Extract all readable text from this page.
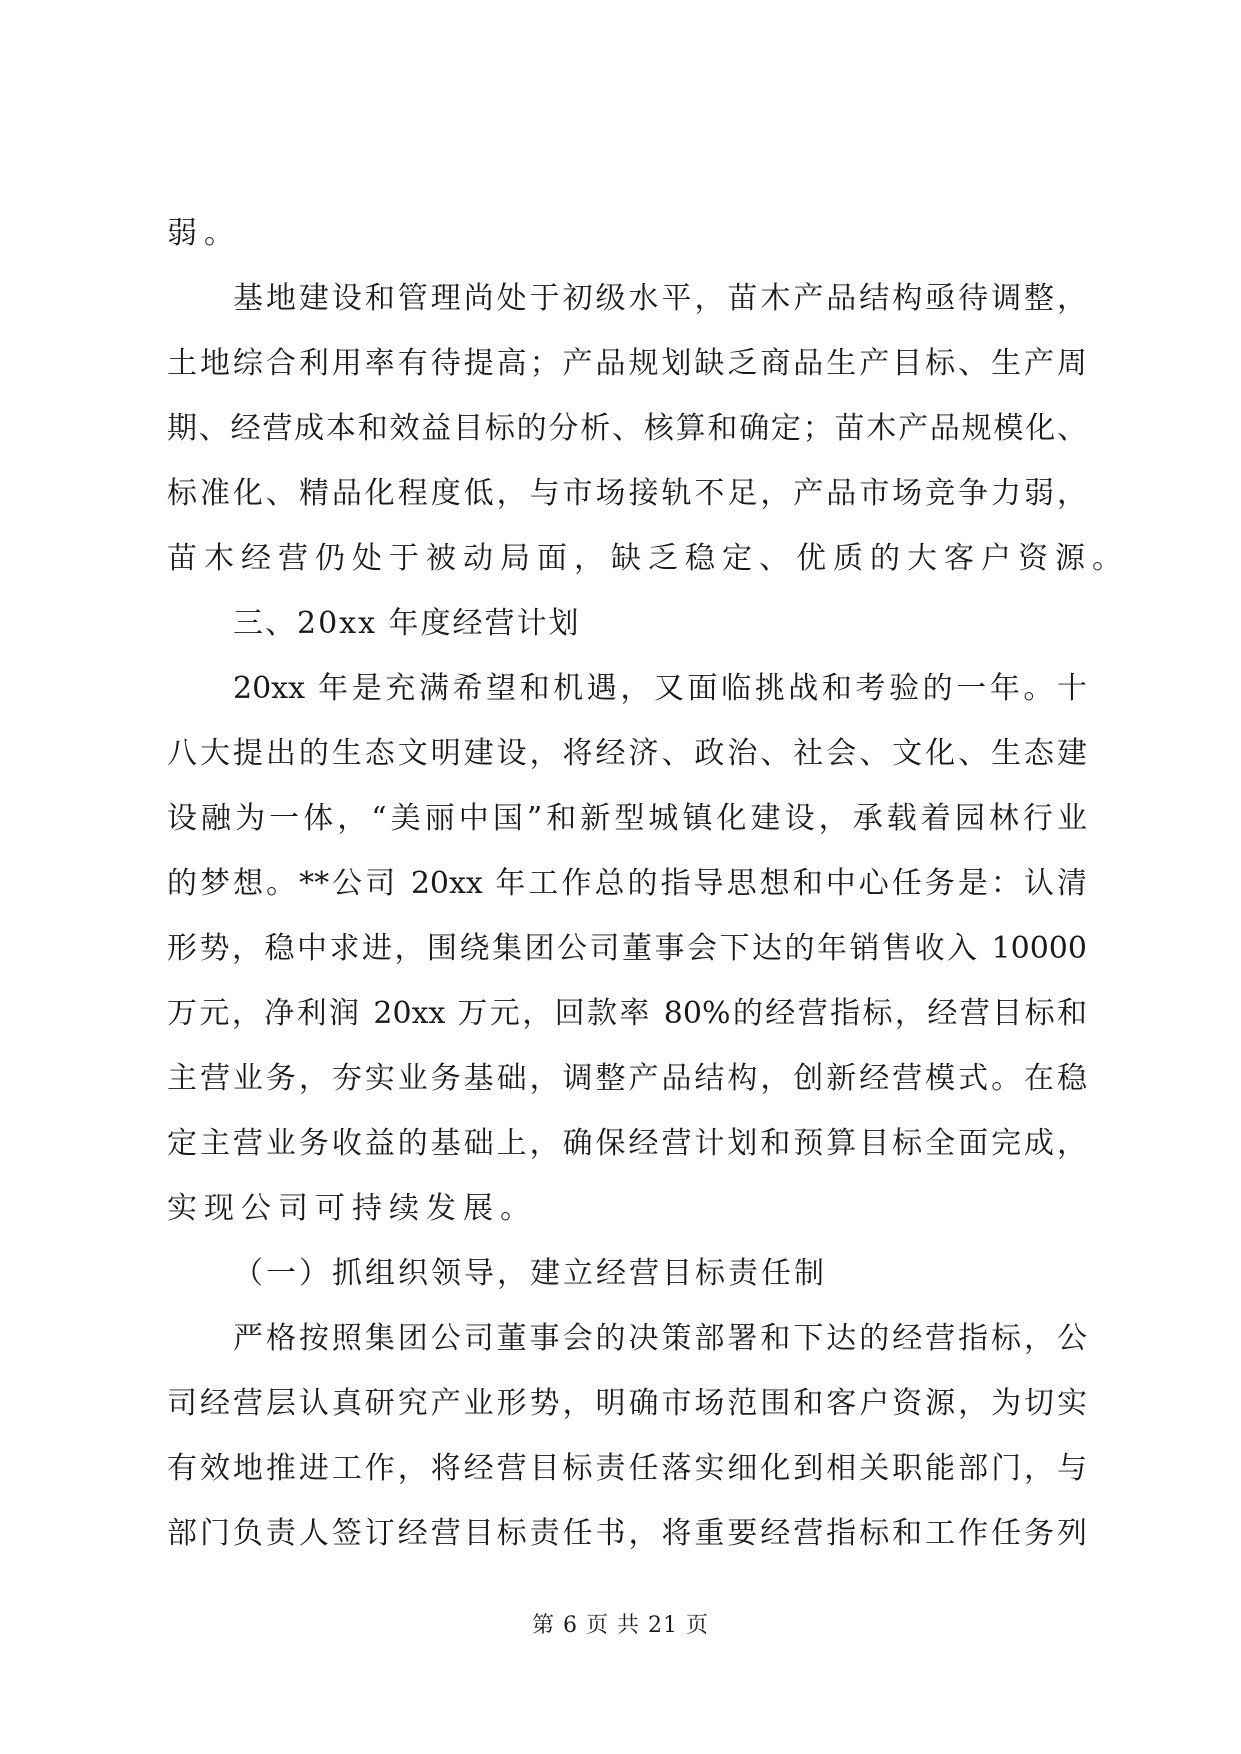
弱。
基地建设和管理尚处于初级水平，苗木产品结构亟待调整，
土地综合利用率有待提高；产品规划缺乏商品生产目标、生产周
期、经营成本和效益目标的分析、核算和确定；苗木产品规模化、
标准化、精品化程度低，与市场接轨不足，产品市场竞争力弱，
苗木经营仍处于被动局面，缺乏稳定、优质的大客户资源。
三、20xx 年度经营计划
20xx 年是充满希望和机遇，又面临挑战和考验的一年。十
八大提出的生态文明建设，将经济、政治、社会、文化、生态建
设融为一体，“美丽中国”和新型城镇化建设，承载着园林行业
的梦想。**公司 20xx 年工作总的指导思想和中心任务是：认清
形势，稳中求进，围绕集团公司董事会下达的年销售收入 10000
万元，净利润 20xx 万元，回款率 80%的经营指标，经营目标和
主营业务，夯实业务基础，调整产品结构，创新经营模式。在稳
定主营业务收益的基础上，确保经营计划和预算目标全面完成，
实现公司可持续发展。
（一）抓组织领导，建立经营目标责任制
严格按照集团公司董事会的决策部署和下达的经营指标，公
司经营层认真研究产业形势，明确市场范围和客户资源，为切实
有效地推进工作，将经营目标责任落实细化到相关职能部门，与
部门负责人签订经营目标责任书，将重要经营指标和工作任务列
第 6 页 共 21 页
